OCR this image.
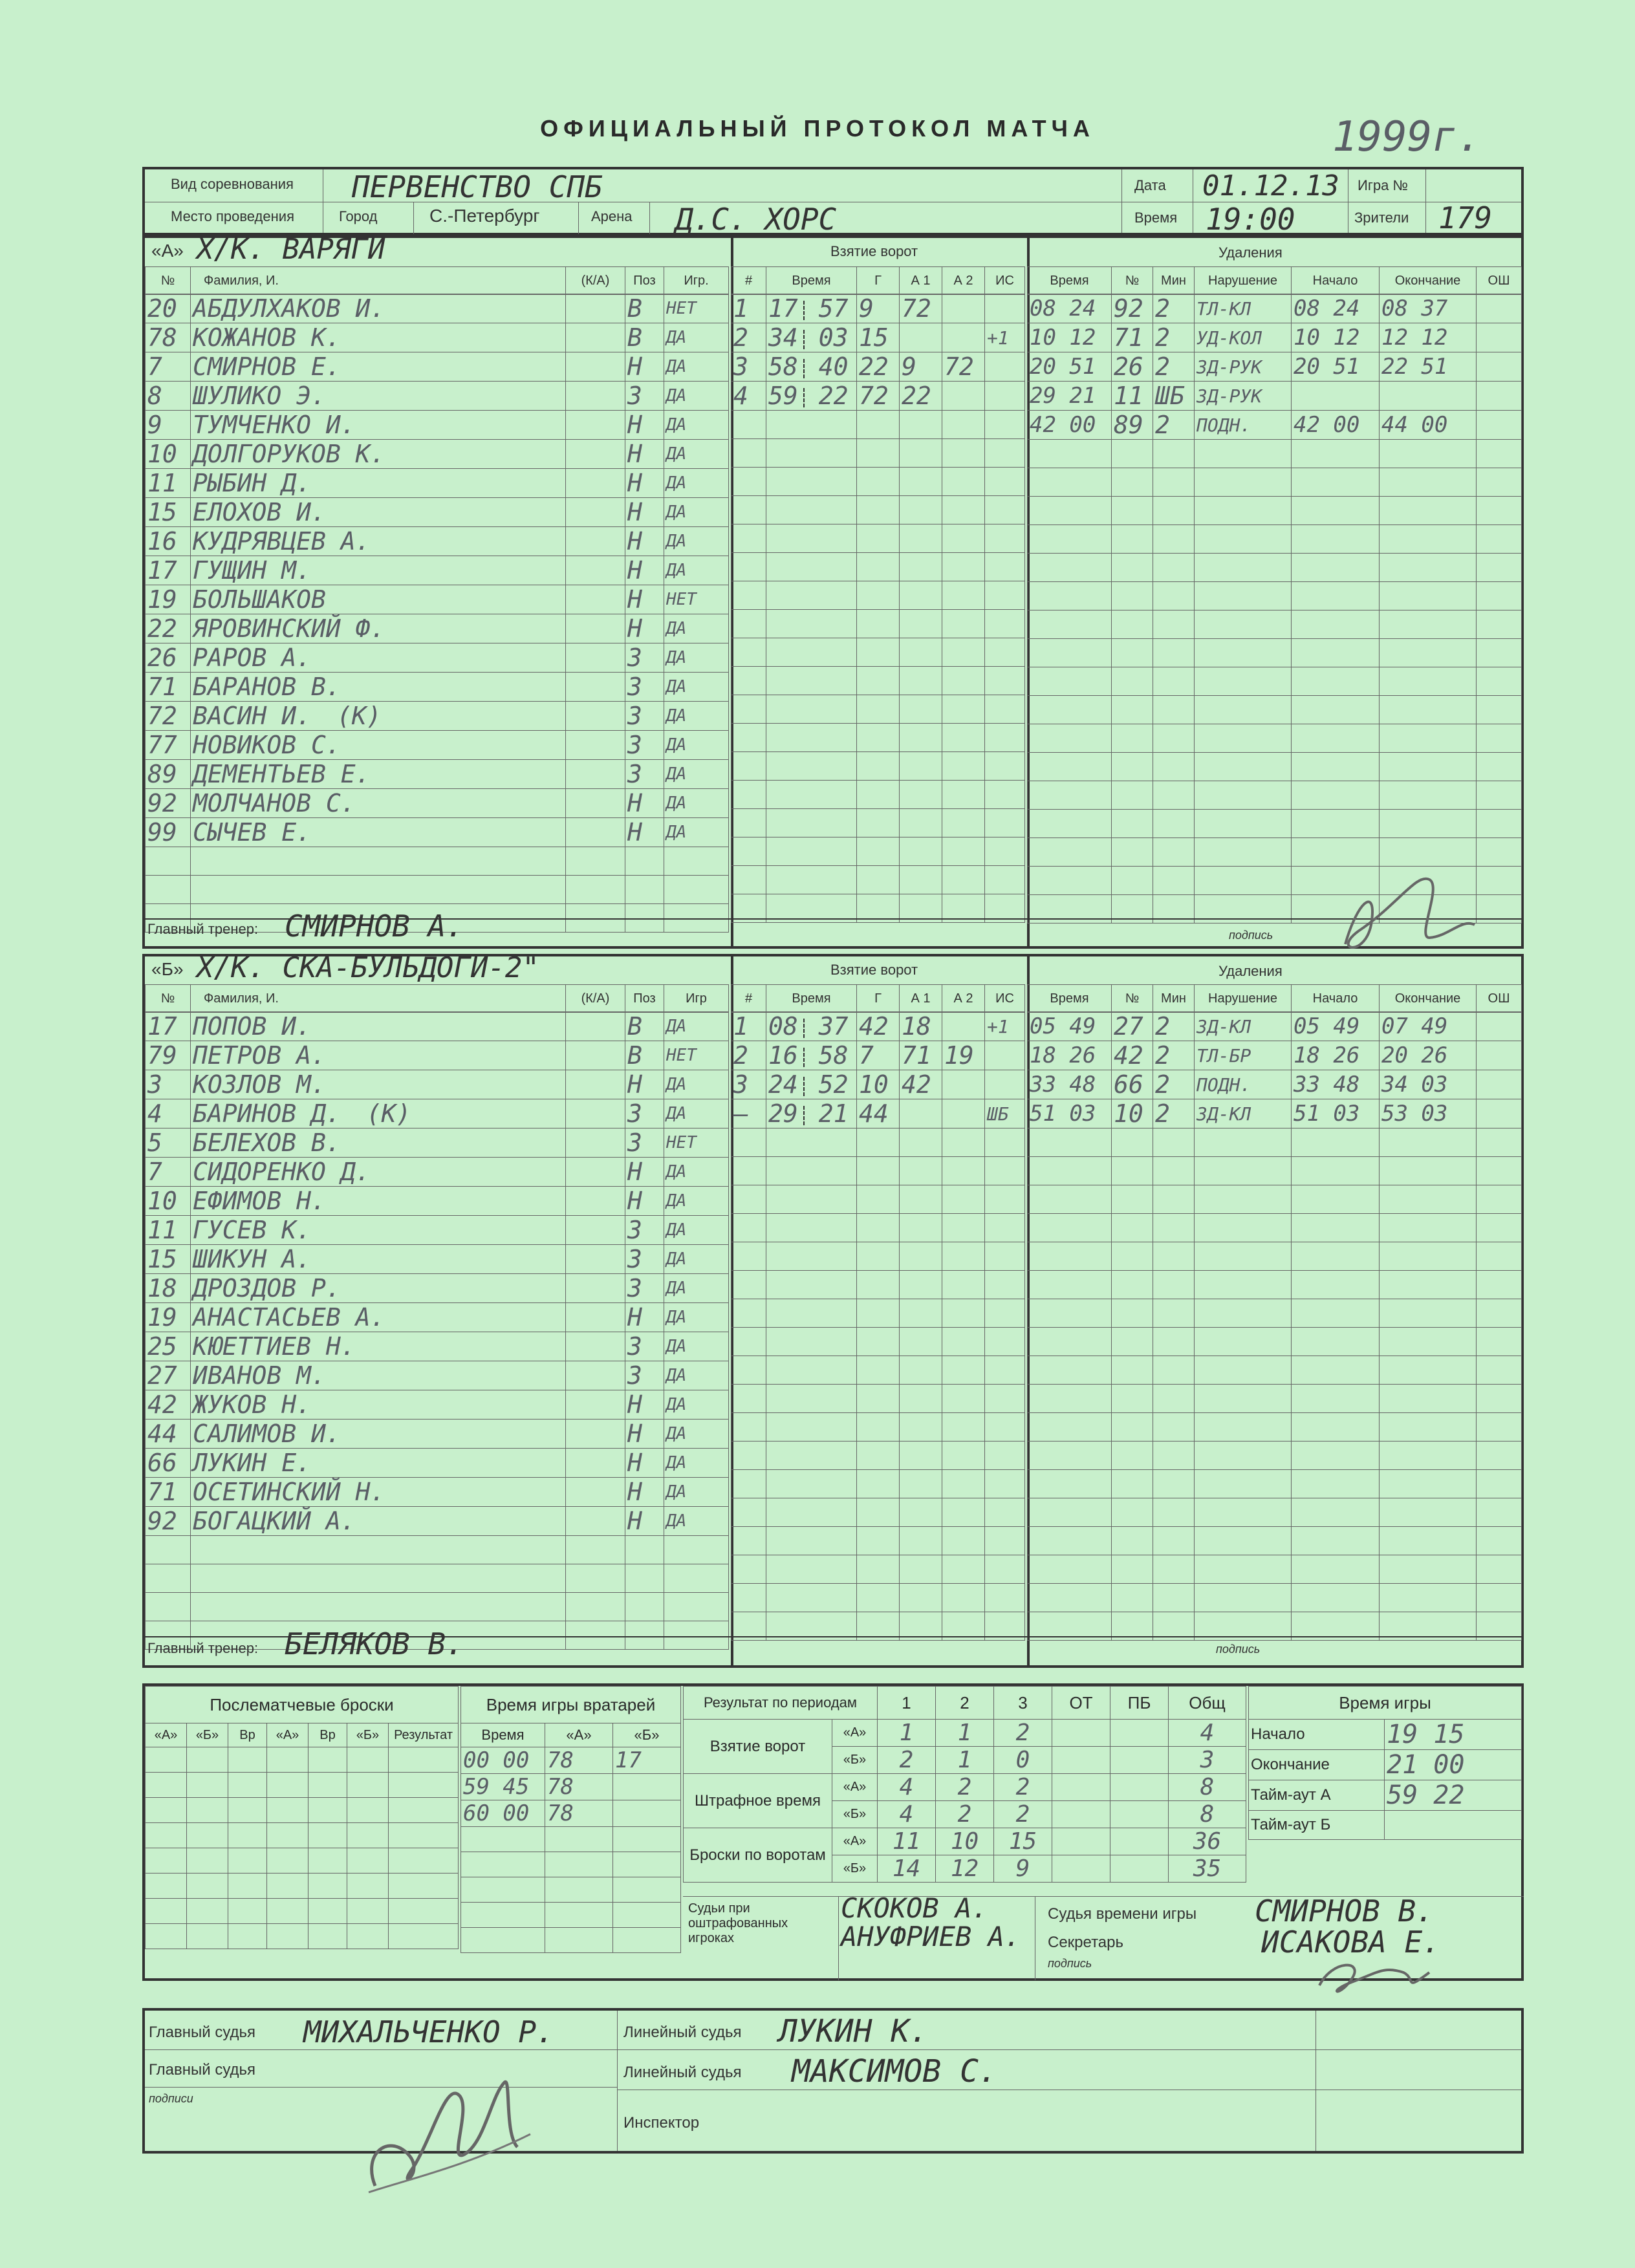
ОФИЦИАЛЬНЫЙ ПРОТОКОЛ МАТЧА	1999г.
Вид соревнования ПЕРВЕНСТВО СПБ	Дата 01.12.13 Игра №
Место проведения	Город	С.-Петербург	Арена Д.С. ХОРС	Время 19:00	Зрители 179
«А» Х/К. ВАРЯГИ	Взятие ворот	Удаления
№	Фамилия, И.	(К/А)	Поз	Игр.
20	АБДУЛХАКОВ И.		В	НЕТ
78	КОЖАНОВ К.		В	ДА
7	СМИРНОВ Е.		Н	ДА
8	ШУЛИКО Э.		З	ДА
9	ТУМЧЕНКО И.		Н	ДА
10	ДОЛГОРУКОВ К.		Н	ДА
11	РЫБИН Д.		Н	ДА
15	ЕЛОХОВ И.		Н	ДА
16	КУДРЯВЦЕВ А.		Н	ДА
17	ГУЩИН М.		Н	ДА
19	БОЛЬШАКОВ		Н	НЕТ
22	ЯРОВИНСКИЙ Ф.		Н	ДА
26	РАРОВ А.		З	ДА
71	БАРАНОВ В.		З	ДА
72	ВАСИН И. (К)		З	ДА
77	НОВИКОВ С.		З	ДА
89	ДЕМЕНТЬЕВ Е.		З	ДА
92	МОЛЧАНОВ С.		Н	ДА
99	СЫЧЕВ Е.		Н	ДА

#	Время	Г	А 1	А 2	ИС
1	17 57	9	72		
2	34 03	15			+1
3	58 40	22	9	72	
4	59 22	72	22		

Время	№	Мин	Нарушение	Начало	Окончание	ОШ
08 24	92	2	ТЛ-КЛ	08 24	08 37	
10 12	71	2	УД-КОЛ	10 12	12 12	
20 51	26	2	ЗД-РУК	20 51	22 51	
29 21	11	ШБ	ЗД-РУК			
42 00	89	2	ПОДН.	42 00	44 00	

Главный тренер: СМИРНОВ А.	подпись
«Б» Х/К. СКА-БУЛЬДОГИ-2"	Взятие ворот	Удаления
№	Фамилия, И.	(К/А)	Поз	Игр
17	ПОПОВ И.		В	ДА
79	ПЕТРОВ А.		В	НЕТ
3	КОЗЛОВ М.		Н	ДА
4	БАРИНОВ Д. (К)		З	ДА
5	БЕЛЕХОВ В.		З	НЕТ
7	СИДОРЕНКО Д.		Н	ДА
10	ЕФИМОВ Н.		Н	ДА
11	ГУСЕВ К.		З	ДА
15	ШИКУН А.		З	ДА
18	ДРОЗДОВ Р.		З	ДА
19	АНАСТАСЬЕВ А.		Н	ДА
25	КЮЕТТИЕВ Н.		З	ДА
27	ИВАНОВ М.		З	ДА
42	ЖУКОВ Н.		Н	ДА
44	САЛИМОВ И.		Н	ДА
66	ЛУКИН Е.		Н	ДА
71	ОСЕТИНСКИЙ Н.		Н	ДА
92	БОГАЦКИЙ А.		Н	ДА

#	Время	Г	А 1	А 2	ИС
1	08 37	42	18		+1
2	16 58	7	71	19	
3	24 52	10	42		
–	29 21	44			ШБ

Время	№	Мин	Нарушение	Начало	Окончание	ОШ
05 49	27	2	ЗД-КЛ	05 49	07 49	
18 26	42	2	ТЛ-БР	18 26	20 26	
33 48	66	2	ПОДН.	33 48	34 03	
51 03	10	2	ЗД-КЛ	51 03	53 03	

Главный тренер: БЕЛЯКОВ В.	подпись
Послематчевые броски						
«А»	«Б»	Вр	«А»	Вр	«Б»	Результат

Время игры вратарей		
Время	«А»	«Б»
00 00	78	17
59 45	78	
60 00	78	

Результат по периодам		1	2	3	ОТ	ПБ	Общ
Взятие ворот	«А»	1	1	2			4
	«Б»	2	1	0			3
Штрафное время	«А»	4	2	2			8
	«Б»	4	2	2			8
Броски по воротам	«А»	11	10	15			36
	«Б»	14	12	9			35
Время игры	
Начало	19 15
Окончание	21 00
Тайм-аут А	59 22
Тайм-аут Б	
Судьи при оштрафованных игроках
СКОКОВ А.
АНУФРИЕВ А.
Судья времени игры
Секретарь
подпись
СМИРНОВ В.
ИСАКОВА Е.
Главный судья МИХАЛЬЧЕНКО Р.
Главный судья
подписи
Линейный судья ЛУКИН К.
Линейный судья МАКСИМОВ С.
Инспектор
